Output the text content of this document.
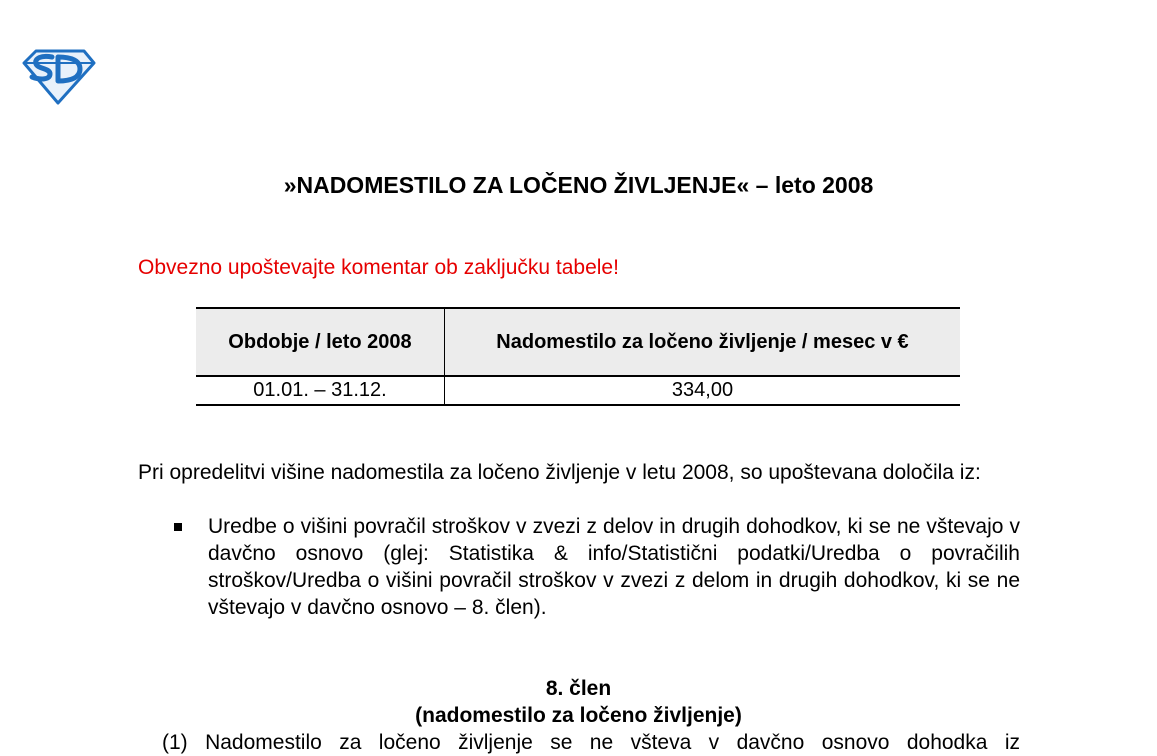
»NADOMESTILO ZA LOČENO ŽIVLJENJE« – leto 2008
Obvezno upoštevajte komentar ob zaključku tabele!
Obdobje / leto 2008	Nadomestilo za ločeno življenje / mesec v €
01.01. – 31.12.	334,00
Pri opredelitvi višine nadomestila za ločeno življenje v letu 2008, so upoštevana določila iz:
Uredbe o višini povračil stroškov v zvezi z delov in drugih dohodkov, ki se ne vštevajo v davčno osnovo (glej: Statistika & info/Statistični podatki/Uredba o povračilih stroškov/Uredba o višini povračil stroškov v zvezi z delom in drugih dohodkov, ki se ne vštevajo v davčno osnovo – 8. člen).
8. člen
(nadomestilo za ločeno življenje)
(1) Nadomestilo za ločeno življenje se ne všteva v davčno osnovo dohodka iz
